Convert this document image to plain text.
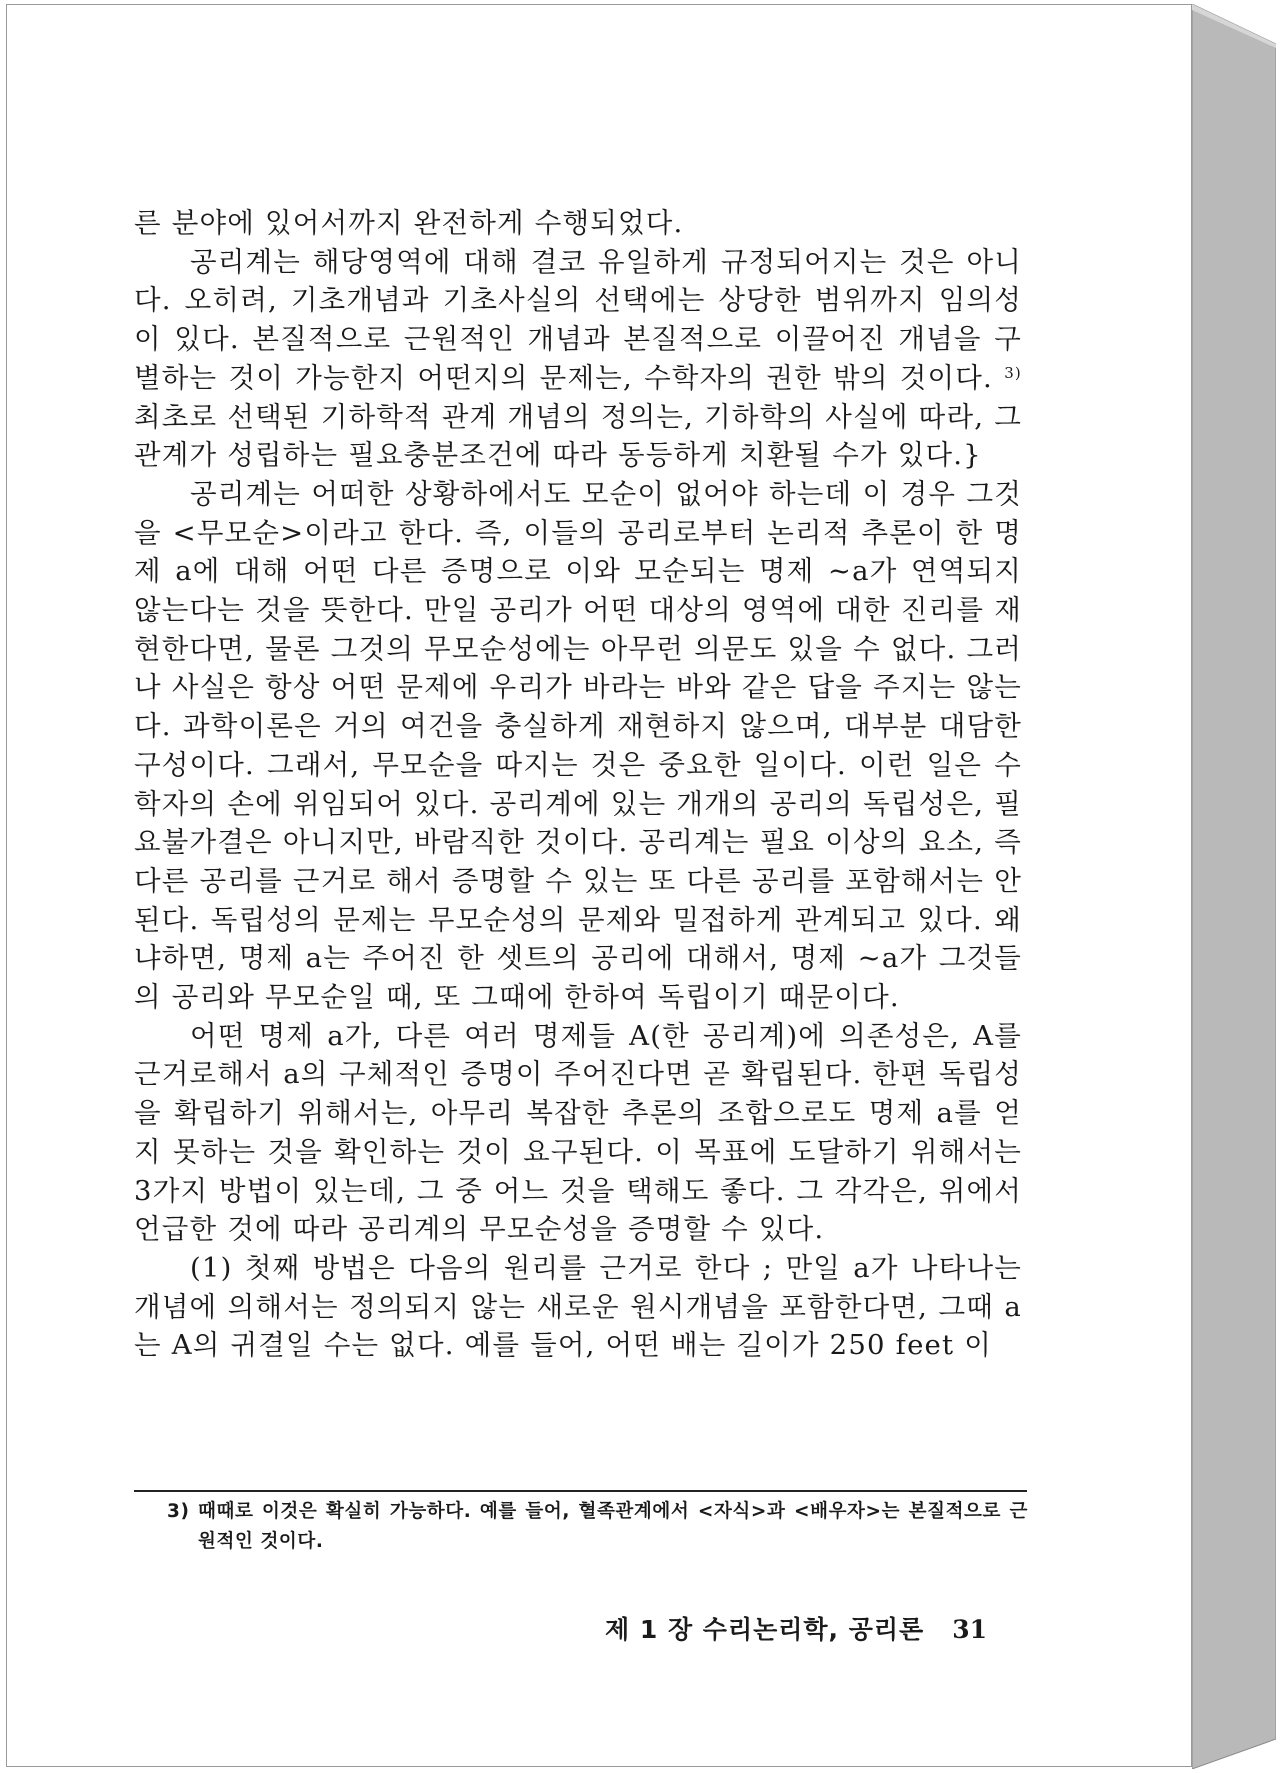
른 분야에 있어서까지 완전하게 수행되었다.

공리계는 해당영역에 대해 결코 유일하게 규정되어지는 것은 아니다. 오히려, 기초개념과 기초사실의 선택에는 상당한 범위까지 임의성이 있다. 본질적으로 근원적인 개념과 본질적으로 이끌어진 개념을 구별하는 것이 가능한지 어떤지의 문제는, 수학자의 권한 밖의 것이다. $^{3)}$ 최초로 선택된 기하학적 관계 개념의 정의는, 기하학의 사실에 따라, 그 관계가 성립하는 필요충분조건에 따라 동등하게 치환될 수가 있다.}

공리계는 어떠한 상황하에서도 모순이 없어야 하는데 이 경우 그것을 <무모순>이라고 한다. 즉, 이들의 공리로부터 논리적 추론이 한 명제 a에 대해 어떤 다른 증명으로 이와 모순되는 명제 ~a가 연역되지 않는다는 것을 뜻한다. 만일 공리가 어떤 대상의 영역에 대한 진리를 재현한다면, 물론 그것의 무모순성에는 아무런 의문도 있을 수 없다. 그러나 사실은 항상 어떤 문제에 우리가 바라는 바와 같은 답을 주지는 않는다. 과학이론은 거의 여건을 충실하게 재현하지 않으며, 대부분 대담한 구성이다. 그래서, 무모순을 따지는 것은 중요한 일이다. 이런 일은 수학자의 손에 위임되어 있다. 공리계에 있는 개개의 공리의 독립성은, 필요불가결은 아니지만, 바람직한 것이다. 공리계는 필요 이상의 요소, 즉 다른 공리를 근거로 해서 증명할 수 있는 또 다른 공리를 포함해서는 안된다. 독립성의 문제는 무모순성의 문제와 밀접하게 관계되고 있다. 왜냐하면, 명제 a는 주어진 한 셋트의 공리에 대해서, 명제 ~a가 그것들의 공리와 무모순일 때, 또 그때에 한하여 독립이기 때문이다.

어떤 명제 a가, 다른 여러 명제들 A(한 공리계)에 의존성은, A를 근거로해서 a의 구체적인 증명이 주어진다면 곧 확립된다. 한편 독립성을 확립하기 위해서는, 아무리 복잡한 추론의 조합으로도 명제 a를 얻지 못하는 것을 확인하는 것이 요구된다. 이 목표에 도달하기 위해서는 3가지 방법이 있는데, 그 중 어느 것을 택해도 좋다. 그 각각은, 위에서 언급한 것에 따라 공리계의 무모순성을 증명할 수 있다.

(1) 첫째 방법은 다음의 원리를 근거로 한다 ; 만일 a가 나타나는 개념에 의해서는 정의되지 않는 새로운 원시개념을 포함한다면, 그때 a는 A의 귀결일 수는 없다. 예를 들어, 어떤 배는 길이가 250 feet 이

3) 때때로 이것은 확실히 가능하다. 예를 들어, 혈족관계에서 <자식>과 <배우자>는 본질적으로 근원적인 것이다.
제 1 장 수리논리학, 공리론 31
